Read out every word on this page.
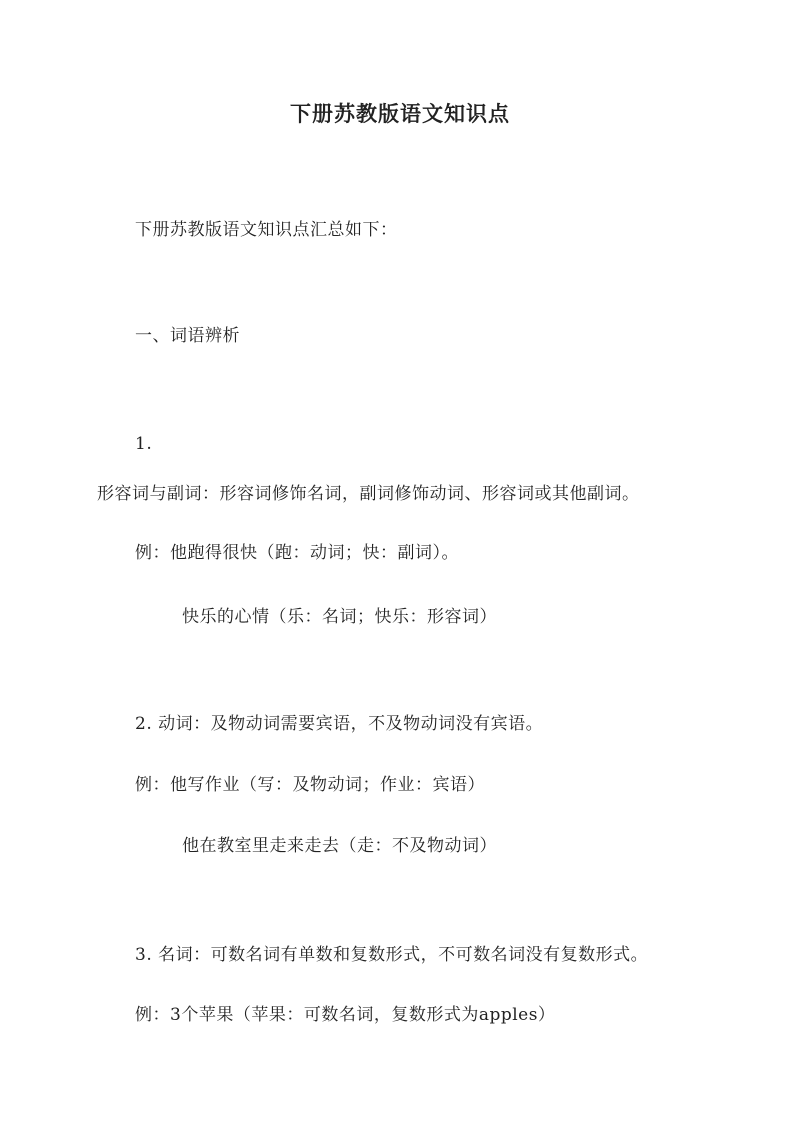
下册苏教版语文知识点
下册苏教版语文知识点汇总如下：
一、词语辨析
1.
形容词与副词：形容词修饰名词，副词修饰动词、形容词或其他副词。
例：他跑得很快（跑：动词；快：副词）。
快乐的心情（乐：名词；快乐：形容词）
2. 动词：及物动词需要宾语，不及物动词没有宾语。
例：他写作业（写：及物动词；作业：宾语）
他在教室里走来走去（走：不及物动词）
3. 名词：可数名词有单数和复数形式，不可数名词没有复数形式。
例：3个苹果（苹果：可数名词，复数形式为apples）
